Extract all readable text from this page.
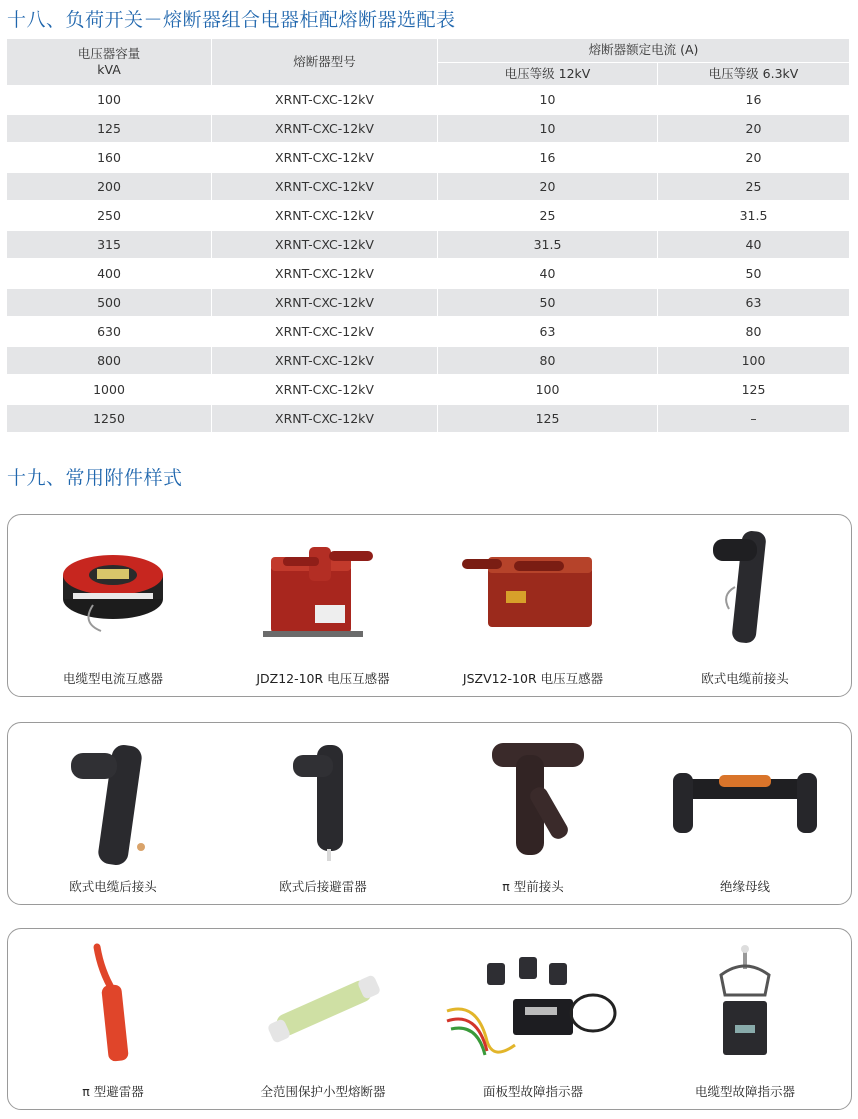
十八、负荷开关－熔断器组合电器柜配熔断器选配表
电压器容量
kVA	熔断器型号	熔断器额定电流 (A)	
		电压等级 12kV	电压等级 6.3kV
100	XRNT-CXC-12kV	10	16
125	XRNT-CXC-12kV	10	20
160	XRNT-CXC-12kV	16	20
200	XRNT-CXC-12kV	20	25
250	XRNT-CXC-12kV	25	31.5
315	XRNT-CXC-12kV	31.5	40
400	XRNT-CXC-12kV	40	50
500	XRNT-CXC-12kV	50	63
630	XRNT-CXC-12kV	63	80
800	XRNT-CXC-12kV	80	100
1000	XRNT-CXC-12kV	100	125
1250	XRNT-CXC-12kV	125	–
十九、常用附件样式
电缆型电流互感器	JDZ12-10R 电压互感器	JSZV12-10R 电压互感器	欧式电缆前接头
欧式电缆后接头	欧式后接避雷器	π 型前接头	绝缘母线
π 型避雷器	全范围保护小型熔断器	面板型故障指示器	电缆型故障指示器
